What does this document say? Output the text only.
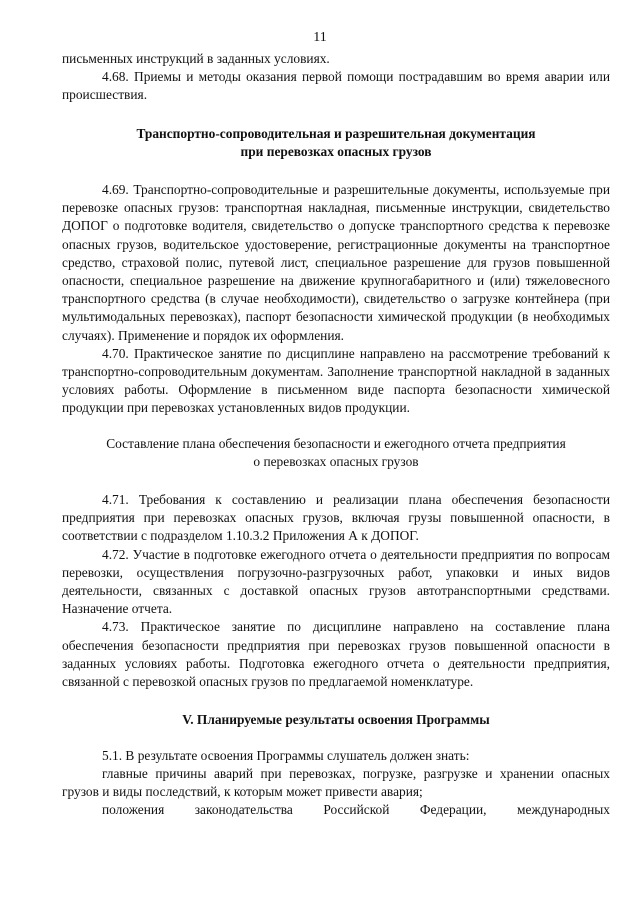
11

письменных инструкций в заданных условиях.

4.68. Приемы и методы оказания первой помощи пострадавшим во время аварии или происшествия.

Транспортно-сопроводительная и разрешительная документация

при перевозках опасных грузов

4.69. Транспортно-сопроводительные и разрешительные документы, используемые при перевозке опасных грузов: транспортная накладная, письменные инструкции, свидетельство ДОПОГ о подготовке водителя, свидетельство о допуске транспортного средства к перевозке опасных грузов, водительское удостоверение, регистрационные документы на транспортное средство, страховой полис, путевой лист, специальное разрешение для грузов повышенной опасности, специальное разрешение на движение крупногабаритного и (или) тяжеловесного транспортного средства (в случае необходимости), свидетельство о загрузке контейнера (при мультимодальных перевозках), паспорт безопасности химической продукции (в необходимых случаях). Применение и порядок их оформления.

4.70. Практическое занятие по дисциплине направлено на рассмотрение требований к транспортно-сопроводительным документам. Заполнение транспортной накладной в заданных условиях работы. Оформление в письменном виде паспорта безопасности химической продукции при перевозках установленных видов продукции.

Составление плана обеспечения безопасности и ежегодного отчета предприятия

о перевозках опасных грузов

4.71. Требования к составлению и реализации плана обеспечения безопасности предприятия при перевозках опасных грузов, включая грузы повышенной опасности, в соответствии с подразделом 1.10.3.2 Приложения А к ДОПОГ.

4.72. Участие в подготовке ежегодного отчета о деятельности предприятия по вопросам перевозки, осуществления погрузочно-разгрузочных работ, упаковки и иных видов деятельности, связанных с доставкой опасных грузов автотранспортными средствами. Назначение отчета.

4.73. Практическое занятие по дисциплине направлено на составление плана обеспечения безопасности предприятия при перевозках грузов повышенной опасности в заданных условиях работы. Подготовка ежегодного отчета о деятельности предприятия, связанной с перевозкой опасных грузов по предлагаемой номенклатуре.

V. Планируемые результаты освоения Программы

5.1. В результате освоения Программы слушатель должен знать:

главные причины аварий при перевозках, погрузке, разгрузке и хранении опасных грузов и виды последствий, к которым может привести авария;

положения законодательства Российской Федерации, международных
